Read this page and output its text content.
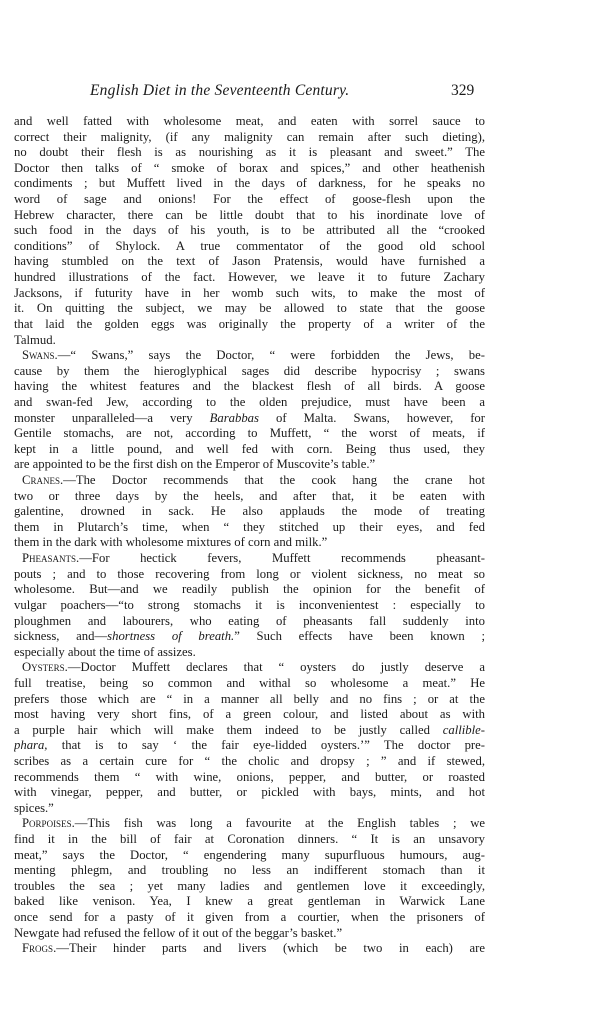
English Diet in the Seventeenth Century.	329

and well fatted with wholesome meat, and eaten with sorrel sauce to

correct their malignity, (if any malignity can remain after such dieting),

no doubt their flesh is as nourishing as it is pleasant and sweet.” The

Doctor then talks of “ smoke of borax and spices,” and other heathenish

condiments ; but Muffett lived in the days of darkness, for he speaks no

word of sage and onions! For the effect of goose-flesh upon the

Hebrew character, there can be little doubt that to his inordinate love of

such food in the days of his youth, is to be attributed all the “crooked

conditions” of Shylock. A true commentator of the good old school

having stumbled on the text of Jason Pratensis, would have furnished a

hundred illustrations of the fact. However, we leave it to future Zachary

Jacksons, if futurity have in her womb such wits, to make the most of

it. On quitting the subject, we may be allowed to state that the goose

that laid the golden eggs was originally the property of a writer of the

Talmud.

Swans.—“ Swans,” says the Doctor, “ were forbidden the Jews, be-

cause by them the hieroglyphical sages did describe hypocrisy ; swans

having the whitest features and the blackest flesh of all birds. A goose

and swan-fed Jew, according to the olden prejudice, must have been a

monster unparalleled—a very Barabbas of Malta. Swans, however, for

Gentile stomachs, are not, according to Muffett, “ the worst of meats, if

kept in a little pound, and well fed with corn. Being thus used, they

are appointed to be the first dish on the Emperor of Muscovite’s table.”

Cranes.—The Doctor recommends that the cook hang the crane hot

two or three days by the heels, and after that, it be eaten with

galentine, drowned in sack. He also applauds the mode of treating

them in Plutarch’s time, when “ they stitched up their eyes, and fed

them in the dark with wholesome mixtures of corn and milk.”

Pheasants.—For hectick fevers, Muffett recommends pheasant-

pouts ; and to those recovering from long or violent sickness, no meat so

wholesome. But—and we readily publish the opinion for the benefit of

vulgar poachers—“to strong stomachs it is inconvenientest : especially to

ploughmen and labourers, who eating of pheasants fall suddenly into

sickness, and—shortness of breath.” Such effects have been known ;

especially about the time of assizes.

Oysters.—Doctor Muffett declares that “ oysters do justly deserve a

full treatise, being so common and withal so wholesome a meat.” He

prefers those which are “ in a manner all belly and no fins ; or at the

most having very short fins, of a green colour, and listed about as with

a purple hair which will make them indeed to be justly called callible-

phara, that is to say ‘ the fair eye-lidded oysters.’” The doctor pre-

scribes as a certain cure for “ the cholic and dropsy ; ” and if stewed,

recommends them “ with wine, onions, pepper, and butter, or roasted

with vinegar, pepper, and butter, or pickled with bays, mints, and hot

spices.”

Porpoises.—This fish was long a favourite at the English tables ; we

find it in the bill of fair at Coronation dinners. “ It is an unsavory

meat,” says the Doctor, “ engendering many supurfluous humours, aug-

menting phlegm, and troubling no less an indifferent stomach than it

troubles the sea ; yet many ladies and gentlemen love it exceedingly,

baked like venison. Yea, I knew a great gentleman in Warwick Lane

once send for a pasty of it given from a courtier, when the prisoners of

Newgate had refused the fellow of it out of the beggar’s basket.”

Frogs.—Their hinder parts and livers (which be two in each) are
